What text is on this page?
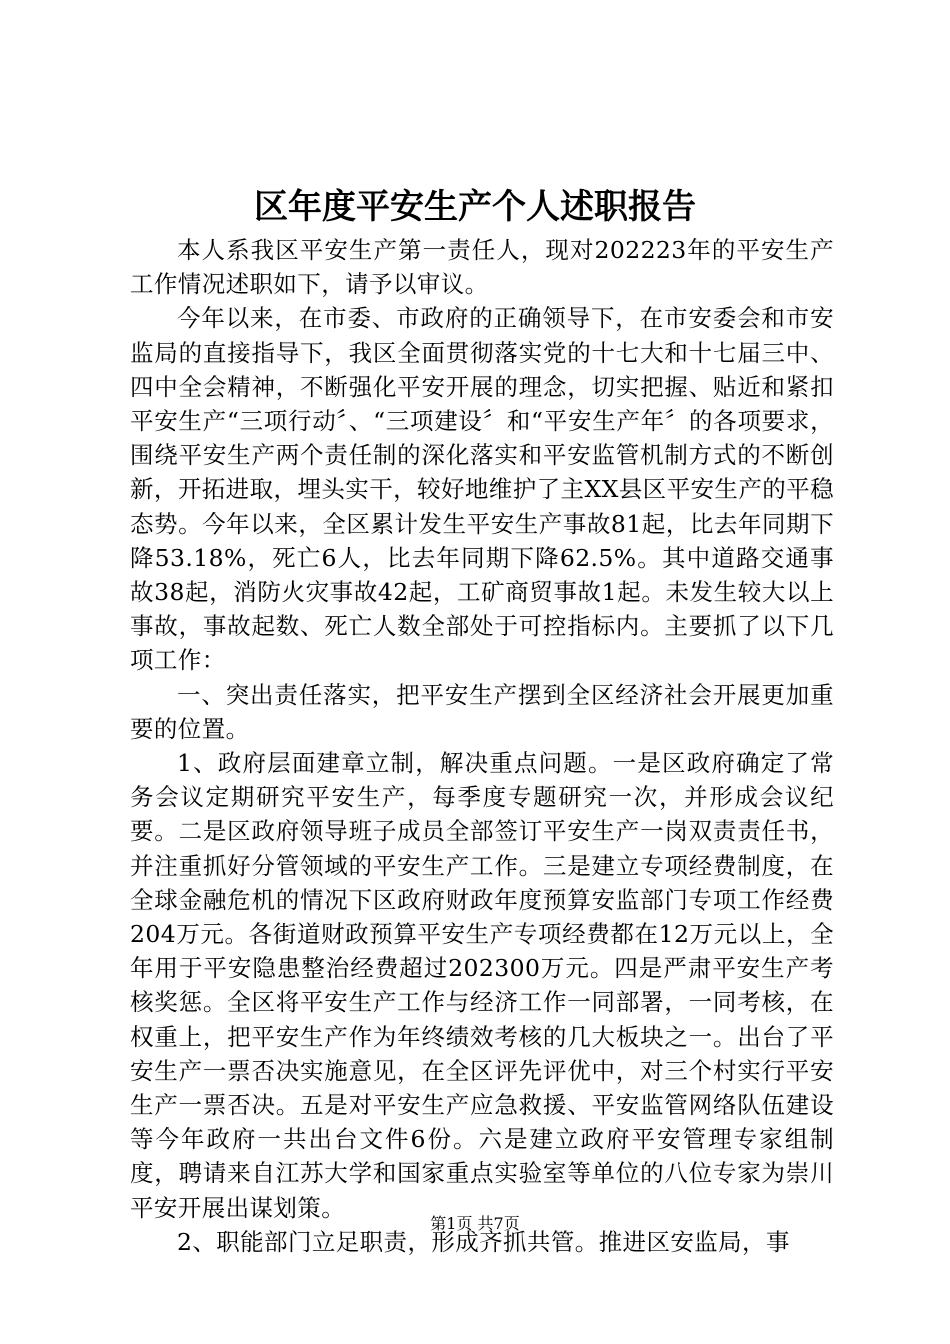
区年度平安生产个人述职报告

本人系我区平安生产第一责任人，现对202223年的平安生产工作情况述职如下，请予以审议。

今年以来，在市委、市政府的正确领导下，在市安委会和市安监局的直接指导下，我区全面贯彻落实党的十七大和十七届三中、四中全会精神，不断强化平安开展的理念，切实把握、贴近和紧扣平安生产“三项行动〞、“三项建设〞和“平安生产年〞的各项要求，围绕平安生产两个责任制的深化落实和平安监管机制方式的不断创新，开拓进取，埋头实干，较好地维护了主XX县区平安生产的平稳态势。今年以来，全区累计发生平安生产事故81起，比去年同期下降53.18%，死亡6人，比去年同期下降62.5%。其中道路交通事故38起，消防火灾事故42起，工矿商贸事故1起。未发生较大以上事故，事故起数、死亡人数全部处于可控指标内。主要抓了以下几项工作：

一、突出责任落实，把平安生产摆到全区经济社会开展更加重要的位置。

1、政府层面建章立制，解决重点问题。一是区政府确定了常务会议定期研究平安生产，每季度专题研究一次，并形成会议纪要。二是区政府领导班子成员全部签订平安生产一岗双责责任书，并注重抓好分管领域的平安生产工作。三是建立专项经费制度，在全球金融危机的情况下区政府财政年度预算安监部门专项工作经费204万元。各街道财政预算平安生产专项经费都在12万元以上，全年用于平安隐患整治经费超过202300万元。四是严肃平安生产考核奖惩。全区将平安生产工作与经济工作一同部署，一同考核，在权重上，把平安生产作为年终绩效考核的几大板块之一。出台了平安生产一票否决实施意见，在全区评先评优中，对三个村实行平安生产一票否决。五是对平安生产应急救援、平安监管网络队伍建设等今年政府一共出台文件6份。六是建立政府平安管理专家组制度，聘请来自江苏大学和国家重点实验室等单位的八位专家为崇川平安开展出谋划策。

2、职能部门立足职责，形成齐抓共管。推进区安监局，事

第1页 共7页
